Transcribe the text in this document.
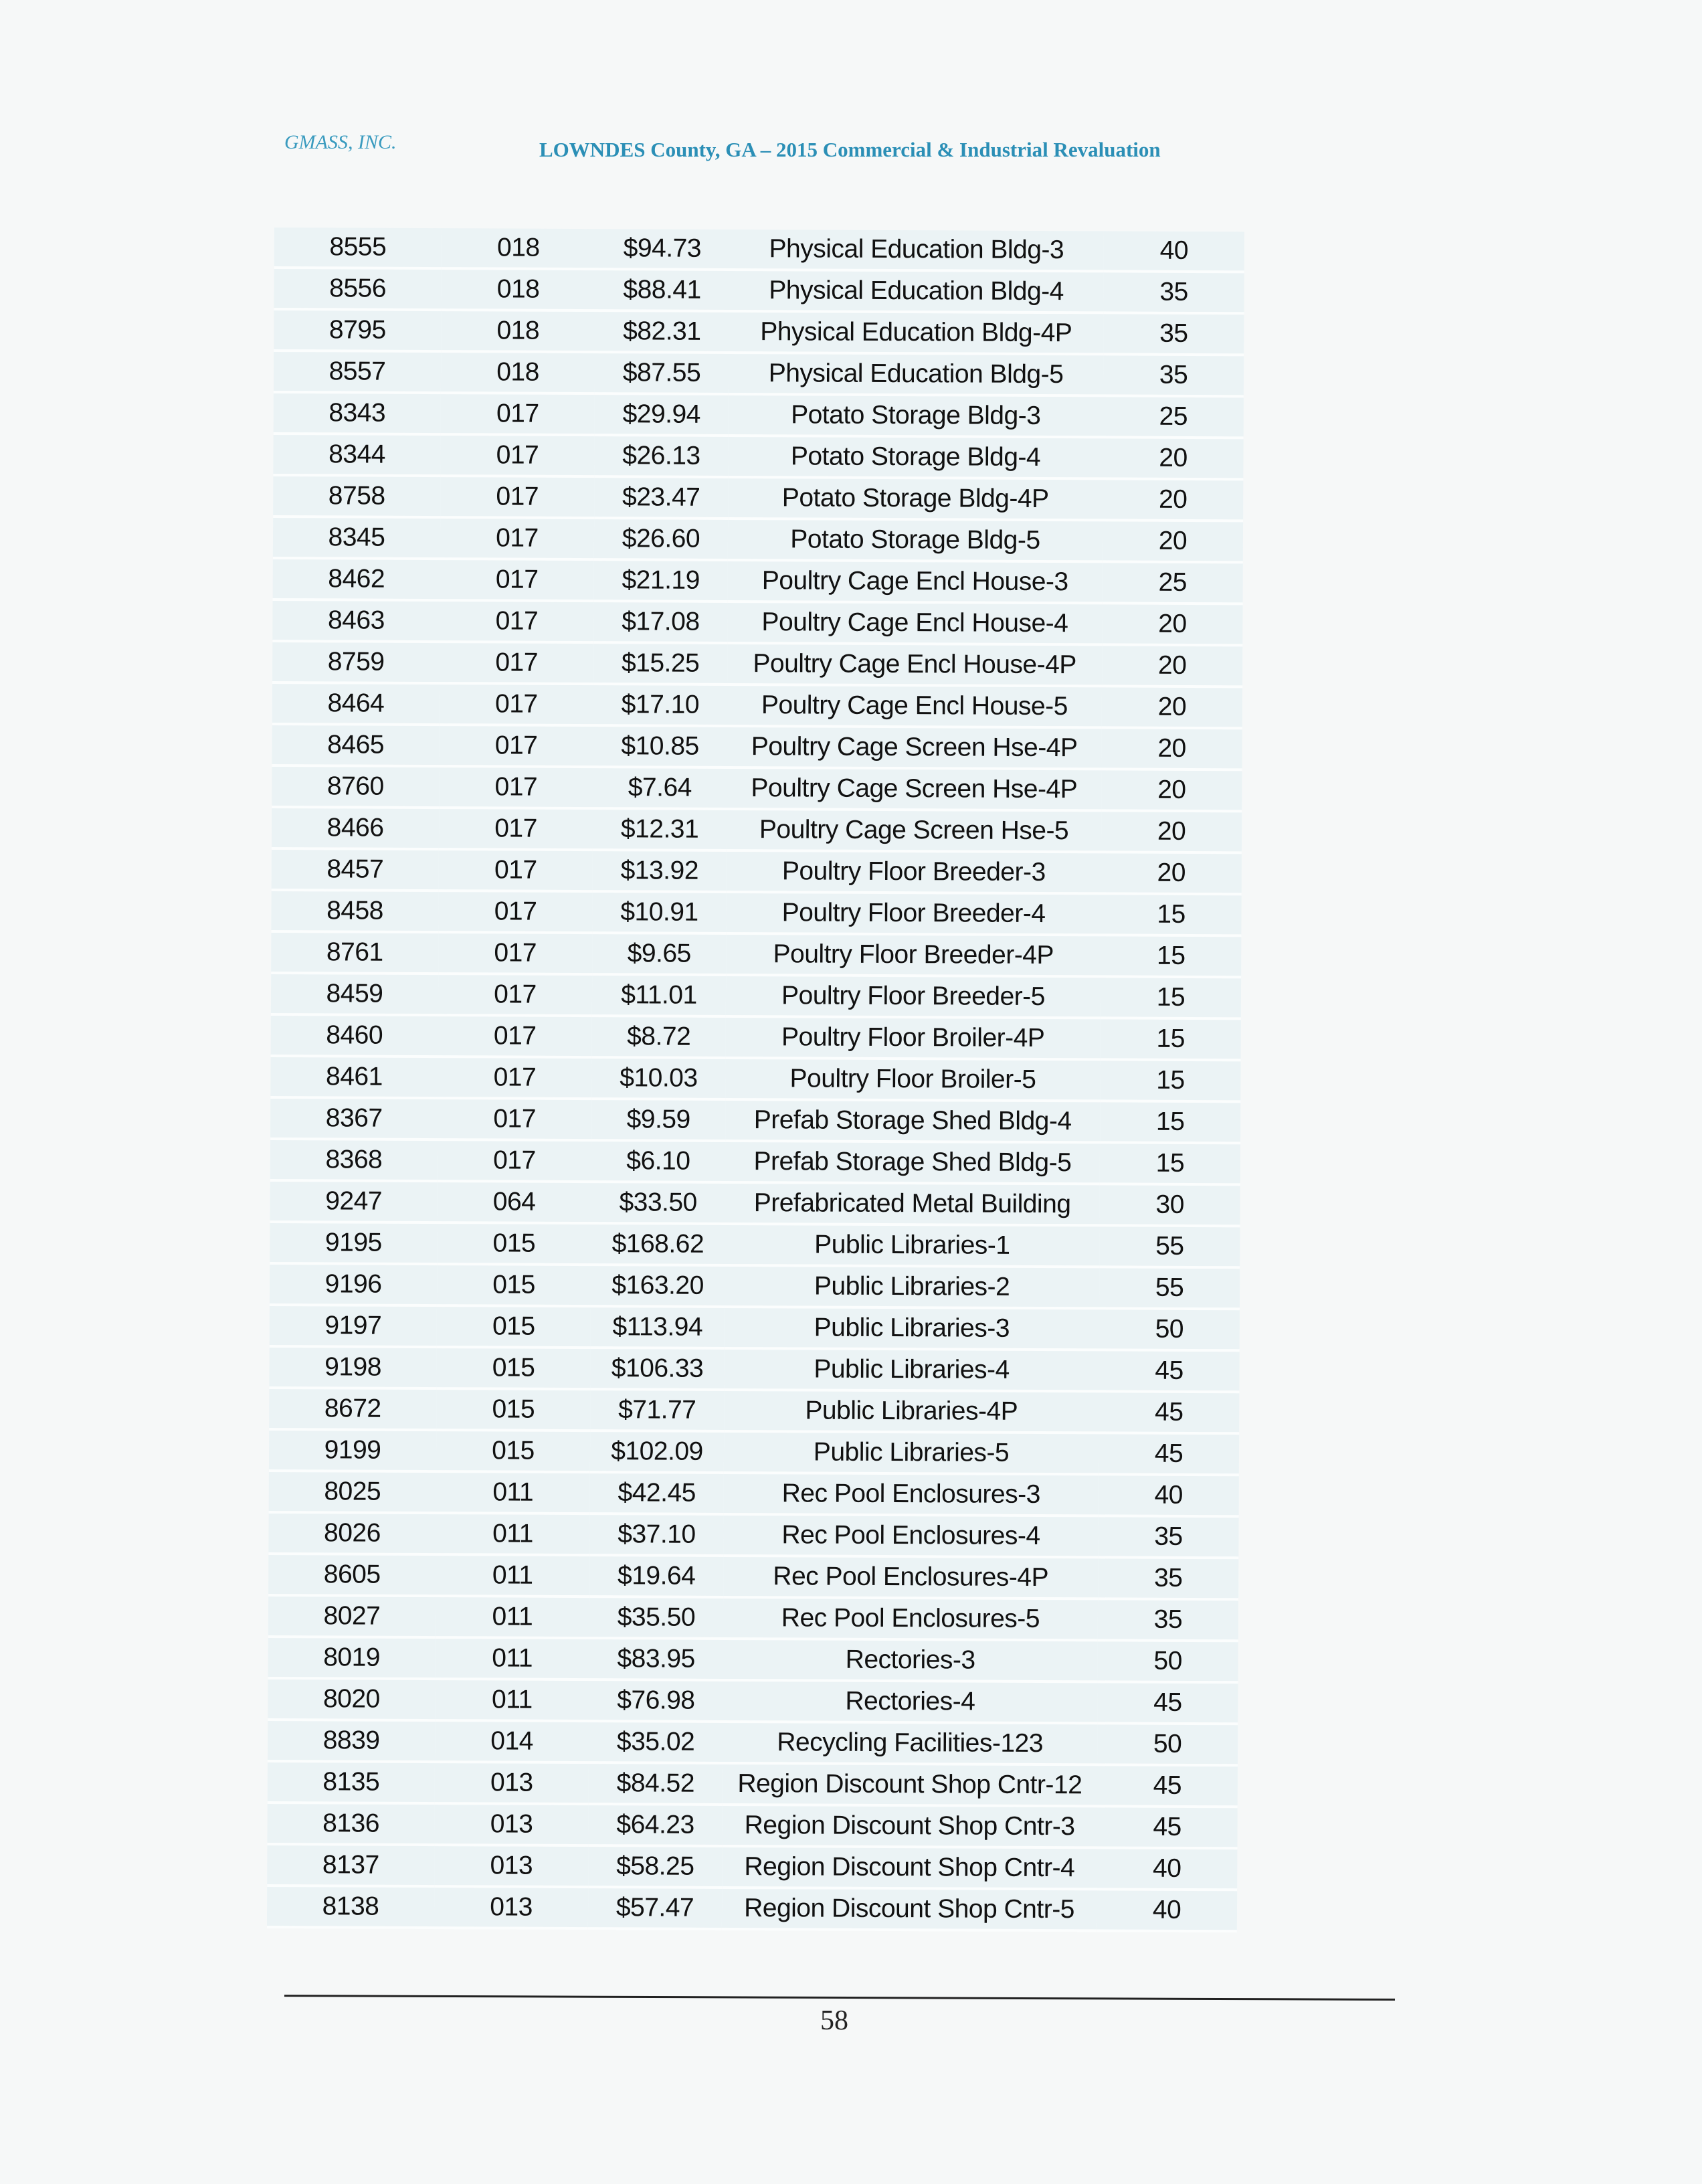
GMASS, INC.	LOWNDES County, GA – 2015 Commercial & Industrial Revaluation
8555	018	$94.73	Physical Education Bldg-3	40
8556	018	$88.41	Physical Education Bldg-4	35
8795	018	$82.31	Physical Education Bldg-4P	35
8557	018	$87.55	Physical Education Bldg-5	35
8343	017	$29.94	Potato Storage Bldg-3	25
8344	017	$26.13	Potato Storage Bldg-4	20
8758	017	$23.47	Potato Storage Bldg-4P	20
8345	017	$26.60	Potato Storage Bldg-5	20
8462	017	$21.19	Poultry Cage Encl House-3	25
8463	017	$17.08	Poultry Cage Encl House-4	20
8759	017	$15.25	Poultry Cage Encl House-4P	20
8464	017	$17.10	Poultry Cage Encl House-5	20
8465	017	$10.85	Poultry Cage Screen Hse-4P	20
8760	017	$7.64	Poultry Cage Screen Hse-4P	20
8466	017	$12.31	Poultry Cage Screen Hse-5	20
8457	017	$13.92	Poultry Floor Breeder-3	20
8458	017	$10.91	Poultry Floor Breeder-4	15
8761	017	$9.65	Poultry Floor Breeder-4P	15
8459	017	$11.01	Poultry Floor Breeder-5	15
8460	017	$8.72	Poultry Floor Broiler-4P	15
8461	017	$10.03	Poultry Floor Broiler-5	15
8367	017	$9.59	Prefab Storage Shed Bldg-4	15
8368	017	$6.10	Prefab Storage Shed Bldg-5	15
9247	064	$33.50	Prefabricated Metal Building	30
9195	015	$168.62	Public Libraries-1	55
9196	015	$163.20	Public Libraries-2	55
9197	015	$113.94	Public Libraries-3	50
9198	015	$106.33	Public Libraries-4	45
8672	015	$71.77	Public Libraries-4P	45
9199	015	$102.09	Public Libraries-5	45
8025	011	$42.45	Rec Pool Enclosures-3	40
8026	011	$37.10	Rec Pool Enclosures-4	35
8605	011	$19.64	Rec Pool Enclosures-4P	35
8027	011	$35.50	Rec Pool Enclosures-5	35
8019	011	$83.95	Rectories-3	50
8020	011	$76.98	Rectories-4	45
8839	014	$35.02	Recycling Facilities-123	50
8135	013	$84.52	Region Discount Shop Cntr-12	45
8136	013	$64.23	Region Discount Shop Cntr-3	45
8137	013	$58.25	Region Discount Shop Cntr-4	40
8138	013	$57.47	Region Discount Shop Cntr-5	40
58
